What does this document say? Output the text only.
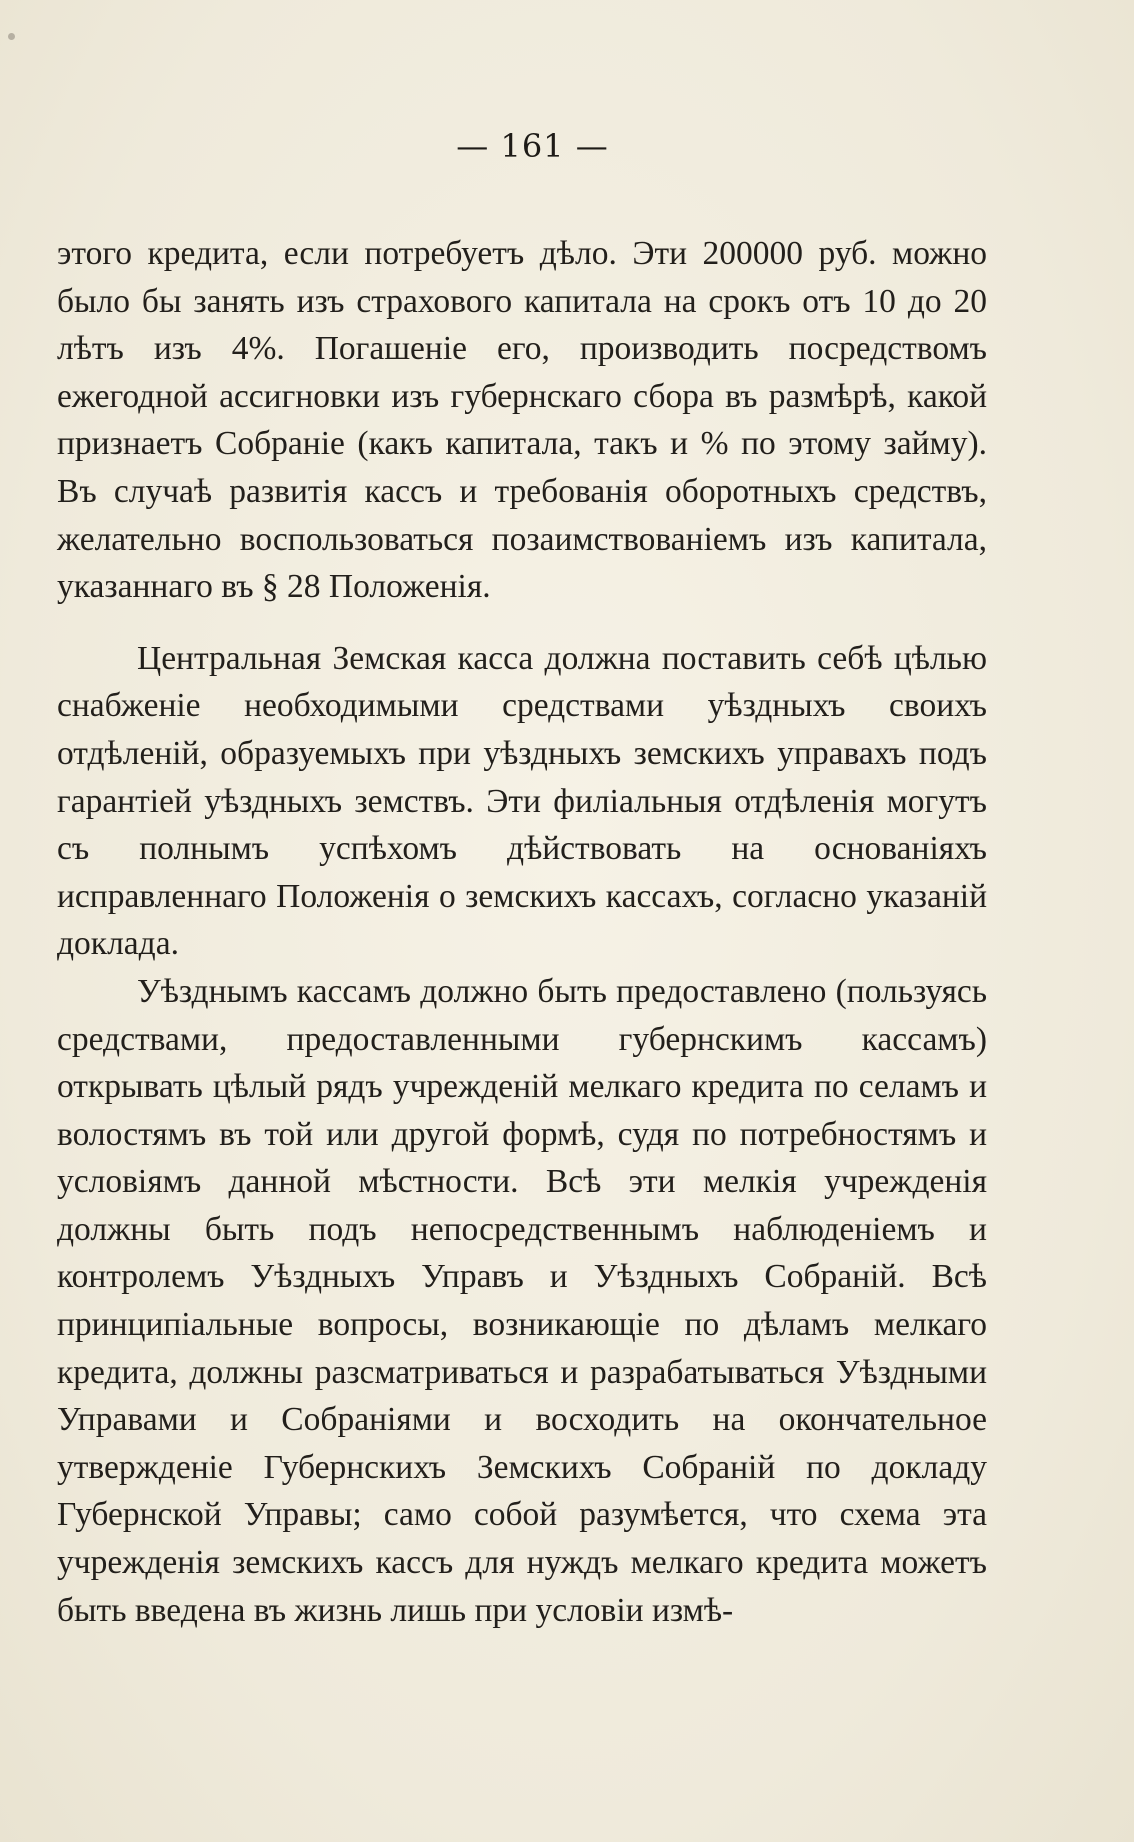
— 161 —

этого кредита, если потребуетъ дѣло. Эти 200000 руб. можно было бы занять изъ страхового капитала на срокъ отъ 10 до 20 лѣтъ изъ 4%. Погашеніе его, производить посредствомъ ежегодной ассигновки изъ губернскаго сбора въ размѣрѣ, какой признаетъ Собраніе (какъ капитала, такъ и % по этому займу). Въ случаѣ развитія кассъ и требованія оборотныхъ средствъ, желательно воспользоваться позаимствованіемъ изъ капитала, указаннаго въ § 28 Положенія.

Центральная Земская касса должна поставить себѣ цѣлью снабженіе необходимыми средствами уѣздныхъ своихъ отдѣленій, образуемыхъ при уѣздныхъ земскихъ управахъ подъ гарантіей уѣздныхъ земствъ. Эти филіальныя отдѣленія могутъ съ полнымъ успѣхомъ дѣйствовать на основаніяхъ исправленнаго Положенія о земскихъ кассахъ, согласно указаній доклада.

Уѣзднымъ кассамъ должно быть предоставлено (пользуясь средствами, предоставленными губернскимъ кассамъ) открывать цѣлый рядъ учрежденій мелкаго кредита по селамъ и волостямъ въ той или другой формѣ, судя по потребностямъ и условіямъ данной мѣстности. Всѣ эти мелкія учрежденія должны быть подъ непосредственнымъ наблюденіемъ и контролемъ Уѣздныхъ Управъ и Уѣздныхъ Собраній. Всѣ принципіальные вопросы, возникающіе по дѣламъ мелкаго кредита, должны разсматриваться и разрабатываться Уѣздными Управами и Собраніями и восходить на окончательное утвержденіе Губернскихъ Земскихъ Собраній по докладу Губернской Управы; само собой разумѣется, что схема эта учрежденія земскихъ кассъ для нуждъ мелкаго кредита можетъ быть введена въ жизнь лишь при условіи измѣ-
